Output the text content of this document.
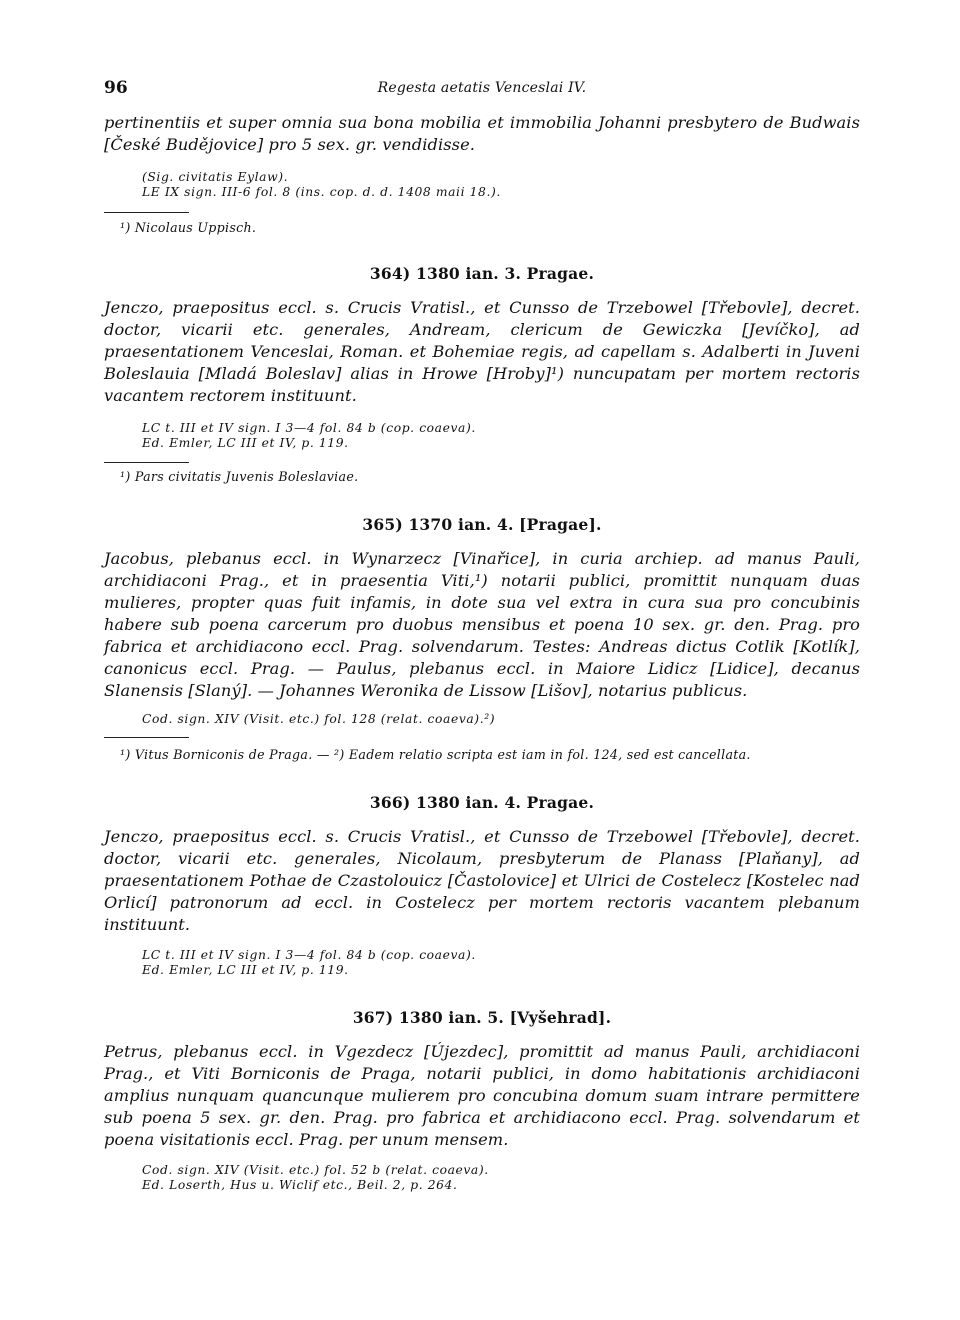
96	Regesta aetatis Venceslai IV.

pertinentiis et super omnia sua bona mobilia et immobilia Johanni presbytero de Budwais [České Budějovice] pro 5 sex. gr. vendidisse.

(Sig. civitatis Eylaw).
LE IX sign. III-6 fol. 8 (ins. cop. d. d. 1408 maii 18.).
¹) Nicolaus Uppisch.
364) 1380 ian. 3. Pragae.

Jenczo, praepositus eccl. s. Crucis Vratisl., et Cunsso de Trzebowel [Třebovle], decret. doctor, vicarii etc. generales, Andream, clericum de Gewiczka [Jevíčko], ad praesentationem Venceslai, Roman. et Bohemiae regis, ad capellam s. Adalberti in Juveni Boleslauia [Mladá Boleslav] alias in Hrowe [Hroby]¹) nuncupatam per mortem rectoris vacantem rectorem instituunt.

LC t. III et IV sign. I 3—4 fol. 84 b (cop. coaeva).
Ed. Emler, LC III et IV, p. 119.
¹) Pars civitatis Juvenis Boleslaviae.
365) 1370 ian. 4. [Pragae].

Jacobus, plebanus eccl. in Wynarzecz [Vinařice], in curia archiep. ad manus Pauli, archidiaconi Prag., et in praesentia Viti,¹) notarii publici, promittit nunquam duas mulieres, propter quas fuit infamis, in dote sua vel extra in cura sua pro concubinis habere sub poena carcerum pro duobus mensibus et poena 10 sex. gr. den. Prag. pro fabrica et archidiacono eccl. Prag. solvendarum. Testes: Andreas dictus Cotlik [Kotlík], canonicus eccl. Prag. — Paulus, plebanus eccl. in Maiore Lidicz [Lidice], decanus Slanensis [Slaný]. — Johannes Weronika de Lissow [Lišov], notarius publicus.

Cod. sign. XIV (Visit. etc.) fol. 128 (relat. coaeva).²)
¹) Vitus Borniconis de Praga. — ²) Eadem relatio scripta est iam in fol. 124, sed est cancellata.
366) 1380 ian. 4. Pragae.

Jenczo, praepositus eccl. s. Crucis Vratisl., et Cunsso de Trzebowel [Třebovle], decret. doctor, vicarii etc. generales, Nicolaum, presbyterum de Planass [Plaňany], ad praesentationem Pothae de Czastolouicz [Častolovice] et Ulrici de Costelecz [Kostelec nad Orlicí] patronorum ad eccl. in Costelecz per mortem rectoris vacantem plebanum instituunt.

LC t. III et IV sign. I 3—4 fol. 84 b (cop. coaeva).
Ed. Emler, LC III et IV, p. 119.
367) 1380 ian. 5. [Vyšehrad].

Petrus, plebanus eccl. in Vgezdecz [Újezdec], promittit ad manus Pauli, archidiaconi Prag., et Viti Borniconis de Praga, notarii publici, in domo habitationis archidiaconi amplius nunquam quancunque mulierem pro concubina domum suam intrare permittere sub poena 5 sex. gr. den. Prag. pro fabrica et archidiacono eccl. Prag. solvendarum et poena visitationis eccl. Prag. per unum mensem.

Cod. sign. XIV (Visit. etc.) fol. 52 b (relat. coaeva).
Ed. Loserth, Hus u. Wiclif etc., Beil. 2, p. 264.
